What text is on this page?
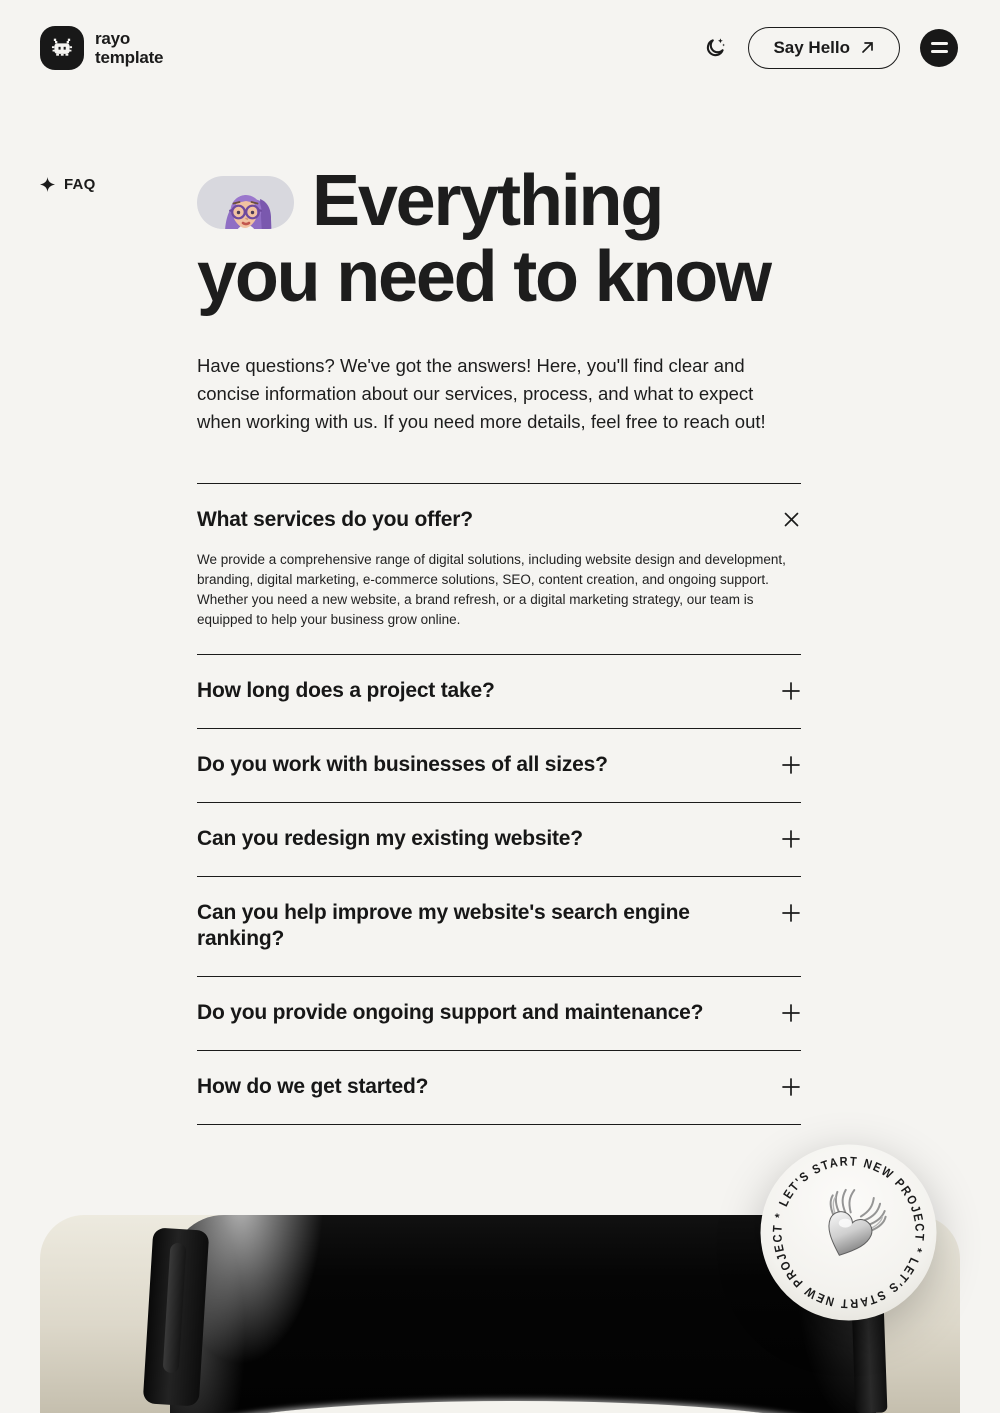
rayo
template
Say Hello
FAQ	Everything
you need to know

Have questions? We've got the answers! Here, you'll find clear and concise information about our services, process, and what to expect when working with us. If you need more details, feel free to reach out!

What services do you offer?

We provide a comprehensive range of digital solutions, including website design and development, branding, digital marketing, e-commerce solutions, SEO, content creation, and ongoing support. Whether you need a new website, a brand refresh, or a digital marketing strategy, our team is equipped to help your business grow online.

How long does a project take?
Do you work with businesses of all sizes?
Can you redesign my existing website?
Can you help improve my website's search engine ranking?
Do you provide ongoing support and maintenance?
How do we get started?
LET'S START NEW PROJECT * LET'S START NEW PROJECT *
